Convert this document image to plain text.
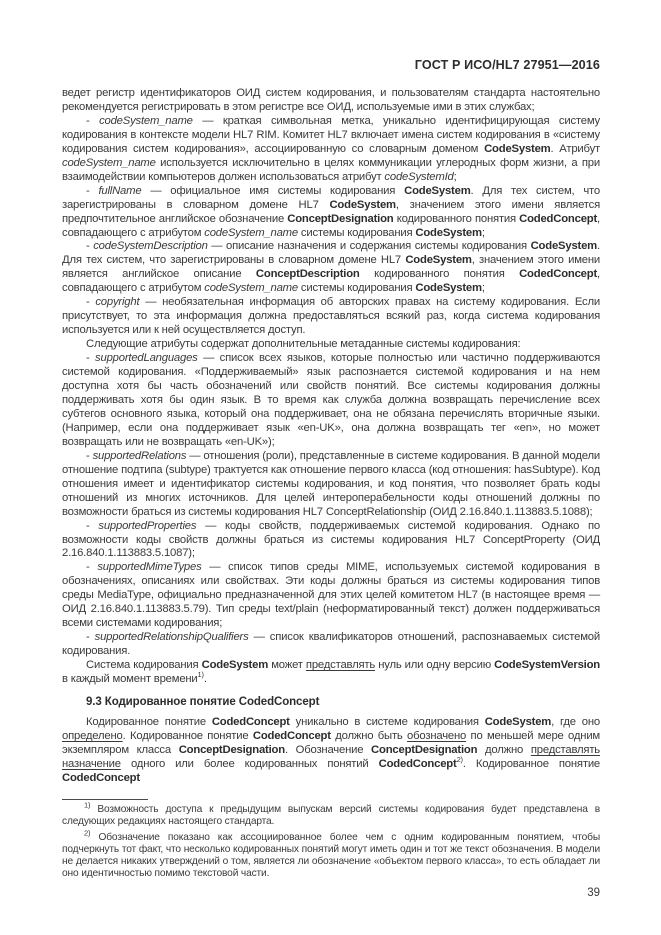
ГОСТ Р ИСО/HL7 27951—2016

ведет регистр идентификаторов ОИД систем кодирования, и пользователям стандарта настоятельно рекомендуется регистрировать в этом регистре все ОИД, используемые ими в этих службах;

- codeSystem_name — краткая символьная метка, уникально идентифицирующая систему кодирования в контексте модели HL7 RIM. Комитет HL7 включает имена систем кодирования в «систему кодирования систем кодирования», ассоциированную со словарным доменом CodeSystem. Атрибут codeSystem_name используется исключительно в целях коммуникации углеродных форм жизни, а при взаимодействии компьютеров должен использоваться атрибут codeSystemId;

- fullName — официальное имя системы кодирования CodeSystem. Для тех систем, что зарегистрированы в словарном домене HL7 CodeSystem, значением этого имени является предпочтительное английское обозначение ConceptDesignation кодированного понятия CodedConcept, совпадающего с атрибутом codeSystem_name системы кодирования CodeSystem;

- codeSystemDescription — описание назначения и содержания системы кодирования CodeSystem. Для тех систем, что зарегистрированы в словарном домене HL7 CodeSystem, значением этого имени является английское описание ConceptDescription кодированного понятия CodedConcept, совпадающего с атрибутом codeSystem_name системы кодирования CodeSystem;

- copyright — необязательная информация об авторских правах на систему кодирования. Если присутствует, то эта информация должна предоставляться всякий раз, когда система кодирования используется или к ней осуществляется доступ.

Следующие атрибуты содержат дополнительные метаданные системы кодирования:

- supportedLanguages — список всех языков, которые полностью или частично поддерживаются системой кодирования. «Поддерживаемый» язык распознается системой кодирования и на нем доступна хотя бы часть обозначений или свойств понятий. Все системы кодирования должны поддерживать хотя бы один язык. В то время как служба должна возвращать перечисление всех субтегов основного языка, который она поддерживает, она не обязана перечислять вторичные языки. (Например, если она поддерживает язык «en-UK», она должна возвращать тег «en», но может возвращать или не возвращать «en-UK»);

- supportedRelations — отношения (роли), представленные в системе кодирования. В данной модели отношение подтипа (subtype) трактуется как отношение первого класса (код отношения: hasSubtype). Код отношения имеет и идентификатор системы кодирования, и код понятия, что позволяет брать коды отношений из многих источников. Для целей интероперабельности коды отношений должны по возможности браться из системы кодирования HL7 ConceptRelationship (ОИД 2.16.840.1.113883.5.1088);

- supportedProperties — коды свойств, поддерживаемых системой кодирования. Однако по возможности коды свойств должны браться из системы кодирования HL7 ConceptProperty (ОИД 2.16.840.1.113883.5.1087);

- supportedMimeTypes — список типов среды MIME, используемых системой кодирования в обозначениях, описаниях или свойствах. Эти коды должны браться из системы кодирования типов среды MediaType, официально предназначенной для этих целей комитетом HL7 (в настоящее время — ОИД 2.16.840.1.113883.5.79). Тип среды text/plain (неформатированный текст) должен поддерживаться всеми системами кодирования;

- supportedRelationshipQualifiers — список квалификаторов отношений, распознаваемых системой кодирования.

Система кодирования CodeSystem может представлять нуль или одну версию CodeSystemVersion в каждый момент времени$^{1)}$.

9.3 Кодированное понятие CodedConcept

Кодированное понятие CodedConcept уникально в системе кодирования CodeSystem, где оно определено. Кодированное понятие CodedConcept должно быть обозначено по меньшей мере одним экземпляром класса ConceptDesignation. Обозначение ConceptDesignation должно представлять назначение одного или более кодированных понятий CodedConcept$^{2)}$. Кодированное понятие CodedConcept

$^{1)}$ Возможность доступа к предыдущим выпускам версий системы кодирования будет представлена в следующих редакциях настоящего стандарта.
$^{2)}$ Обозначение показано как ассоциированное более чем с одним кодированным понятием, чтобы подчеркнуть тот факт, что несколько кодированных понятий могут иметь один и тот же текст обозначения. В модели не делается никаких утверждений о том, является ли обозначение «объектом первого класса», то есть обладает ли оно идентичностью помимо текстовой части.
39
